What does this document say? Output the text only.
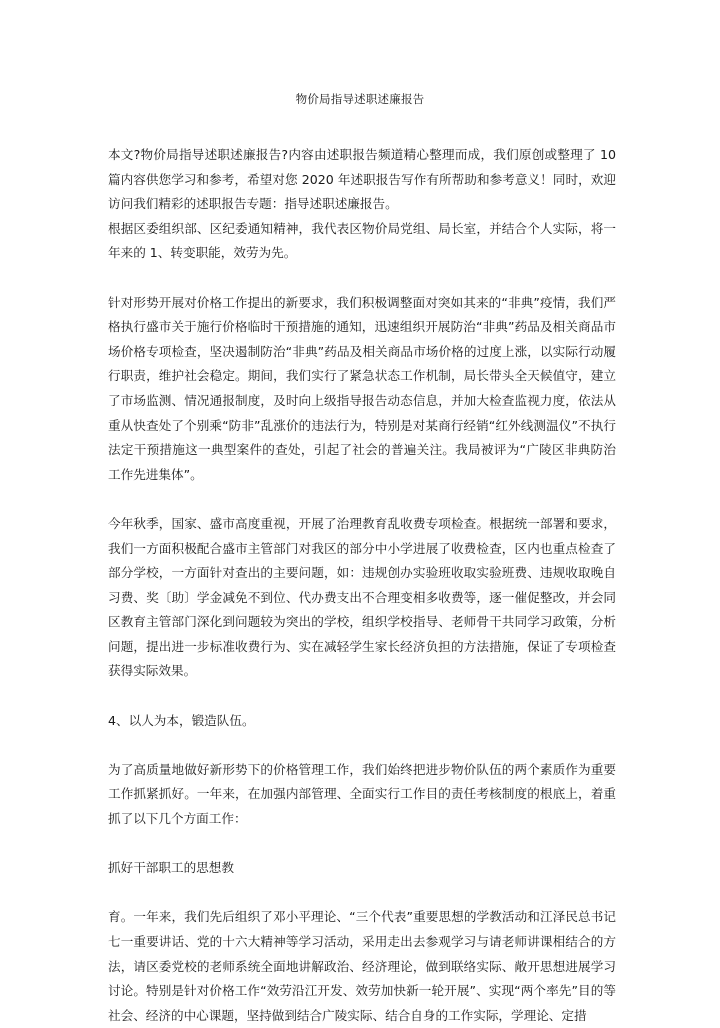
物价局指导述职述廉报告

本文?物价局指导述职述廉报告?内容由述职报告频道精心整理而成，我们原创或整理了 10 篇内容供您学习和参考，希望对您 2020 年述职报告写作有所帮助和参考意义！同时，欢迎访问我们精彩的述职报告专题：指导述职述廉报告。

根据区委组织部、区纪委通知精神，我代表区物价局党组、局长室，并结合个人实际，将一年来的 1、转变职能，效劳为先。

针对形势开展对价格工作提出的新要求，我们积极调整面对突如其来的“非典”疫情，我们严格执行盛市关于施行价格临时干预措施的通知，迅速组织开展防治“非典”药品及相关商品市场价格专项检查，坚决遏制防治“非典”药品及相关商品市场价格的过度上涨，以实际行动履行职责，维护社会稳定。期间，我们实行了紧急状态工作机制，局长带头全天候值守，建立了市场监测、情况通报制度，及时向上级指导报告动态信息，并加大检查监视力度，依法从重从快查处了个别乘“防非”乱涨价的违法行为，特别是对某商行经销“红外线测温仪”不执行法定干预措施这一典型案件的查处，引起了社会的普遍关注。我局被评为“广陵区非典防治工作先进集体”。

今年秋季，国家、盛市高度重视，开展了治理教育乱收费专项检查。根据统一部署和要求，我们一方面积极配合盛市主管部门对我区的部分中小学进展了收费检查，区内也重点检查了部分学校，一方面针对查出的主要问题，如：违规创办实验班收取实验班费、违规收取晚自习费、奖〔助〕学金减免不到位、代办费支出不合理变相多收费等，逐一催促整改，并会同区教育主管部门深化到问题较为突出的学校，组织学校指导、老师骨干共同学习政策，分析问题，提出进一步标准收费行为、实在减轻学生家长经济负担的方法措施，保证了专项检查获得实际效果。

4、以人为本，锻造队伍。

为了高质量地做好新形势下的价格管理工作，我们始终把进步物价队伍的两个素质作为重要工作抓紧抓好。一年来，在加强内部管理、全面实行工作目的责任考核制度的根底上，着重抓了以下几个方面工作：

抓好干部职工的思想教

育。一年来，我们先后组织了邓小平理论、“三个代表”重要思想的学教活动和江泽民总书记七一重要讲话、党的十六大精神等学习活动，采用走出去参观学习与请老师讲课相结合的方法，请区委党校的老师系统全面地讲解政治、经济理论，做到联络实际、敞开思想进展学习讨论。特别是针对价格工作“效劳沿江开发、效劳加快新一轮开展”、实现“两个率先”目的等社会、经济的中心课题，坚持做到结合广陵实际、结合自身的工作实际，学理论、定措
